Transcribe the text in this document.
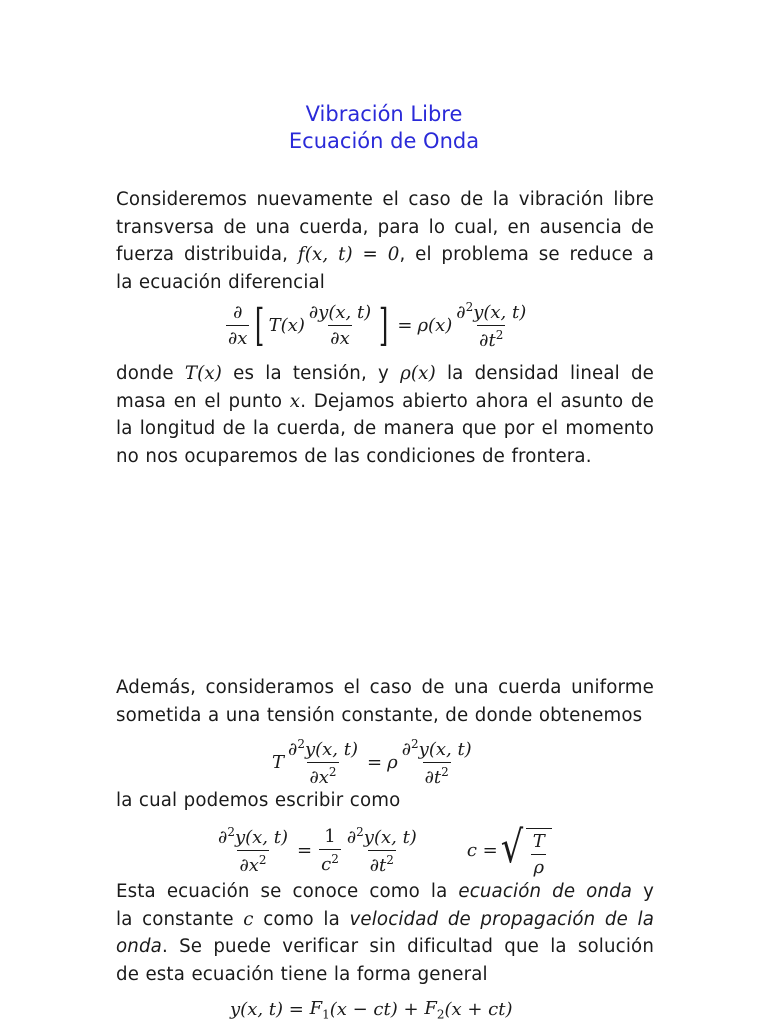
Vibración Libre
Ecuación de Onda
Consideremos nuevamente el caso de la vibración libre
transversa de una cuerda, para lo cual, en ausencia de
fuerza distribuida, f(x, t) = 0, el problema se reduce a
la ecuación diferencial
$\frac{\partial}{\partial x}$ [ $T(x) \frac{\partial y(x, t)}{\partial x}$ ] = $\rho(x) \frac{\partial^2y(x, t)}{\partial t^2}$
donde T(x) es la tensión, y ρ(x) la densidad lineal de
masa en el punto x. Dejamos abierto ahora el asunto de
la longitud de la cuerda, de manera que por el momento
no nos ocuparemos de las condiciones de frontera.
Además, consideramos el caso de una cuerda uniforme
sometida a una tensión constante, de donde obtenemos
T $\frac{\partial^2y(x, t)}{\partial x^2} = \rho \frac{\partial^2y(x, t)}{\partial t^2}$
la cual podemos escribir como
$\frac{\partial^2y(x, t)}{\partial x^2} = \frac{1}{c^2} \frac{\partial^2y(x, t)}{\partial t^2}$	c = √ $\frac{T}{\rho}$
Esta ecuación se conoce como la ecuación de onda y
la constante c como la velocidad de propagación de la
onda. Se puede verificar sin dificultad que la solución
de esta ecuación tiene la forma general
y(x, t) =
$F_1$ (x − ct) +
$F_2$ (x + ct)
